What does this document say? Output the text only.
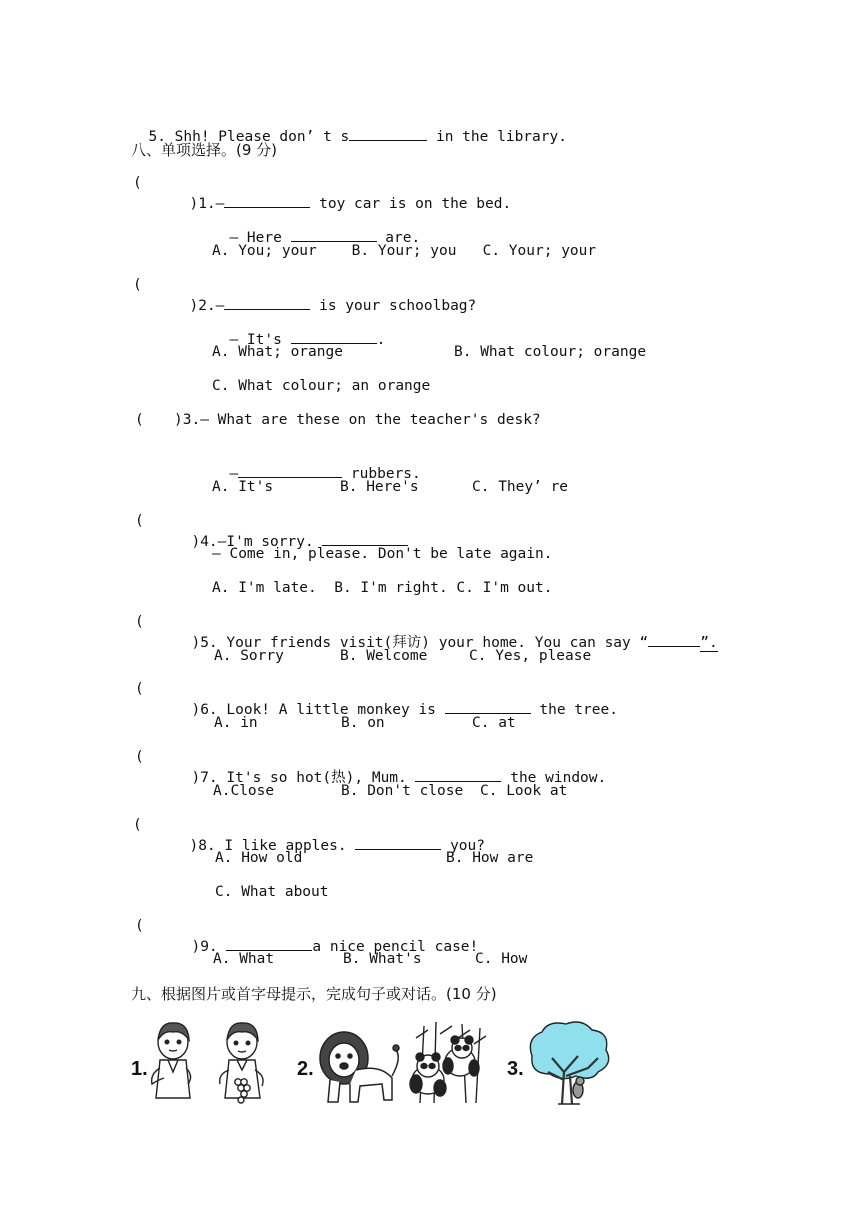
5. Shh! Please don’ t s	in the library.

八、单项选择。(9 分)
(

)1.—	toy car is on the bed.

— Here	are.

A. You; your    B. Your; you   C. Your; your
(

)2.—	is your schoolbag?

— It's	.

A. What; orange	B. What colour; orange
C. What colour; an orange
( )3.— What are these on the teacher's desk?

—	rubbers.

A. It's	B. Here's	C. They’ re
(

)4.—I'm sorry.

— Come in, please. Don't be late again.
A. I'm late.  B. I'm right. C. I'm out.
(

)5. Your friends visit(拜访) your home. You can say “	”.

A. Sorry	B. Welcome	C. Yes, please
(

)6. Look! A little monkey is	the tree.

A. in	B. on	C. at
(

)7. It's so hot(热), Mum.	the window.

A.Close	B. Don't close C. Look at
(

)8. I like apples.	you?

A. How old	B. How are
C. What about
(

)9.	a nice pencil case!

A. What	B. What's	C. How
九、根据图片或首字母提示，完成句子或对话。(10 分)
1.	2.	3.
